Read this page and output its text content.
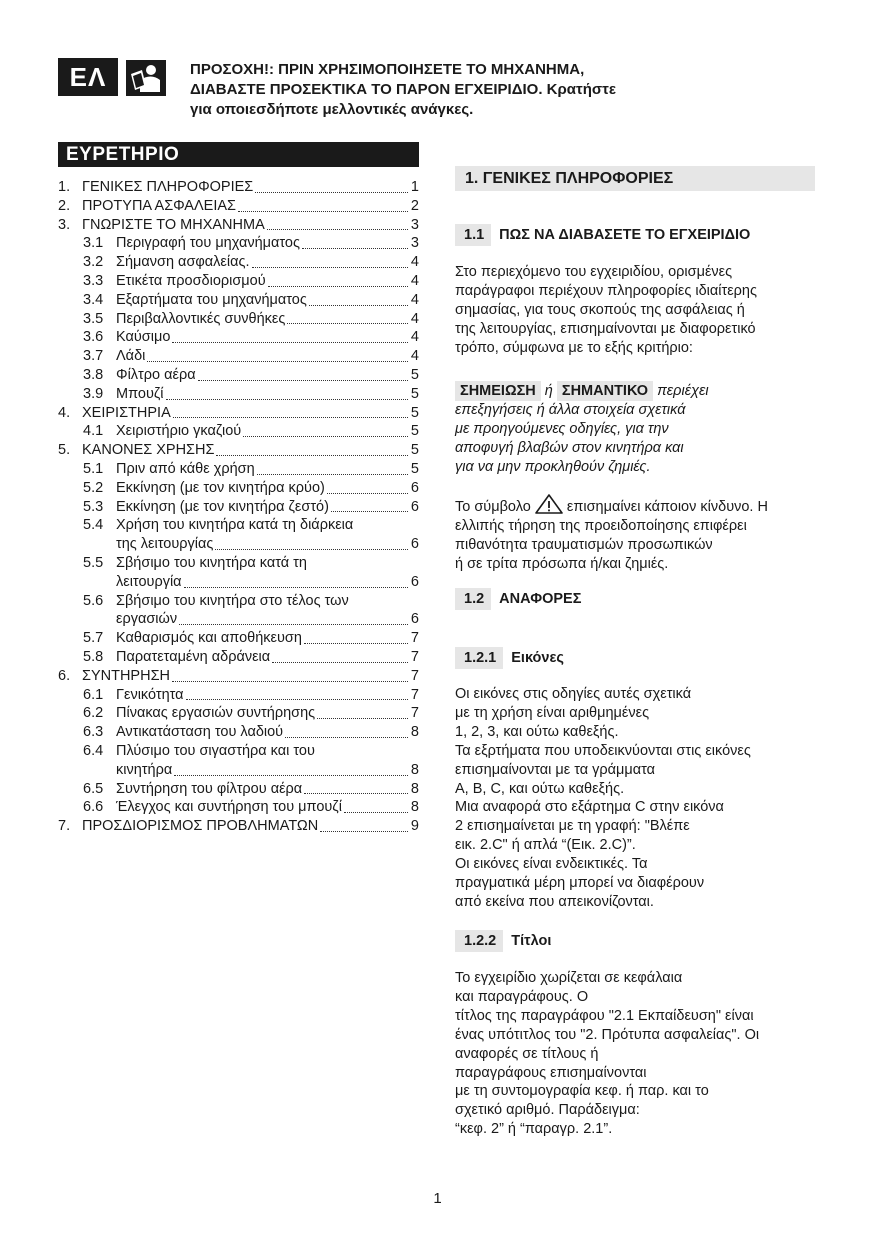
ΕΛ	ΠΡΟΣΟΧΗ!: ΠΡΙΝ ΧΡΗΣΙΜΟΠΟΙΗΣΕΤΕ ΤΟ ΜΗΧΑΝΗΜΑ,
ΔΙΑΒΑΣΤΕ ΠΡΟΣΕΚΤΙΚΑ ΤΟ ΠΑΡΟΝ ΕΓΧΕΙΡΙΔΙΟ. Κρατήστε
για οποιεσδήποτε μελλοντικές ανάγκες.
ΕΥΡΕΤΗΡΙΟ
1. ΓΕΝΙΚΕΣ ΠΛΗΡΟΦΟΡΙΕΣ	1
2. ΠΡΟΤΥΠΑ ΑΣΦΑΛΕΙΑΣ	2
3. ΓΝΩΡΙΣΤΕ ΤΟ ΜΗΧΑΝΗΜΑ	3
3.1 Περιγραφή του μηχανήματος	3
3.2 Σήμανση ασφαλείας.	4
3.3 Ετικέτα προσδιορισμού	4
3.4 Εξαρτήματα του μηχανήματος	4
3.5 Περιβαλλοντικές συνθήκες	4
3.6 Καύσιμο	4
3.7 Λάδι	4
3.8 Φίλτρο αέρα	5
3.9 Μπουζί	5
4. ΧΕΙΡΙΣΤΗΡΙΑ	5
4.1 Χειριστήριο γκαζιού	5
5. ΚΑΝΟΝΕΣ ΧΡΗΣΗΣ	5
5.1 Πριν από κάθε χρήση	5
5.2 Εκκίνηση (με τον κινητήρα κρύο)	6
5.3 Εκκίνηση (με τον κινητήρα ζεστό)	6
5.4 Χρήση του κινητήρα κατά τη διάρκεια
της λειτουργίας	6
5.5 Σβήσιμο του κινητήρα κατά τη
λειτουργία	6
5.6 Σβήσιμο του κινητήρα στο τέλος των
εργασιών	6
5.7 Καθαρισμός και αποθήκευση	7
5.8 Παρατεταμένη αδράνεια	7
6. ΣΥΝΤΗΡΗΣΗ	7
6.1 Γενικότητα	7
6.2 Πίνακας εργασιών συντήρησης	7
6.3 Αντικατάσταση του λαδιού	8
6.4 Πλύσιμο του σιγαστήρα και του
κινητήρα	8
6.5 Συντήρηση του φίλτρου αέρα	8
6.6 Έλεγχος και συντήρηση του μπουζί	8
7. ΠΡΟΣΔΙΟΡΙΣΜΟΣ ΠΡΟΒΛΗΜΑΤΩΝ	9
1. ΓΕΝΙΚΕΣ ΠΛΗΡΟΦΟΡΙΕΣ
1.1 ΠΩΣ ΝΑ ΔΙΑΒΑΣΕΤΕ ΤΟ ΕΓΧΕΙΡΙΔΙΟ
Στο περιεχόμενο του εγχειριδίου, ορισμένες
παράγραφοι περιέχουν πληροφορίες ιδιαίτερης
σημασίας, για τους σκοπούς της ασφάλειας ή
της λειτουργίας, επισημαίνονται με διαφορετικό
τρόπο, σύμφωνα με το εξής κριτήριο:
ΣΗΜΕΙΩΣΗ ή ΣΗΜΑΝΤΙΚΟ περιέχει
επεξηγήσεις ή άλλα στοιχεία σχετικά
με προηγούμενες οδηγίες, για την
αποφυγή βλαβών στον κινητήρα και
για να μην προκληθούν ζημιές.
Το σύμβολο επισημαίνει κάποιον κίνδυνο. Η
ελλιπής τήρηση της προειδοποίησης επιφέρει
πιθανότητα τραυματισμών προσωπικών
ή σε τρίτα πρόσωπα ή/και ζημιές.
1.2 ΑΝΑΦΟΡΕΣ
1.2.1 Εικόνες
Οι εικόνες στις οδηγίες αυτές σχετικά
με τη χρήση είναι αριθμημένες
1, 2, 3, και ούτω καθεξής.
Τα εξρτήματα που υποδεικνύονται στις εικόνες
επισημαίνονται με τα γράμματα
A, B, C, και ούτω καθεξής.
Μια αναφορά στο εξάρτημα C στην εικόνα
2 επισημαίνεται με τη γραφή: "Βλέπε
εικ. 2.C" ή απλά “(Εικ. 2.C)”.
Οι εικόνες είναι ενδεικτικές. Τα
πραγματικά μέρη μπορεί να διαφέρουν
από εκείνα που απεικονίζονται.
1.2.2 Τίτλοι
Το εγχειρίδιο χωρίζεται σε κεφάλαια
και παραγράφους. Ο
τίτλος της παραγράφου "2.1 Εκπαίδευση" είναι
ένας υπότιτλος του "2. Πρότυπα ασφαλείας". Οι
αναφορές σε τίτλους ή
παραγράφους επισημαίνονται
με τη συντομογραφία κεφ. ή παρ. και το
σχετικό αριθμό. Παράδειγμα:
“κεφ. 2” ή “παραγρ. 2.1”.
1
